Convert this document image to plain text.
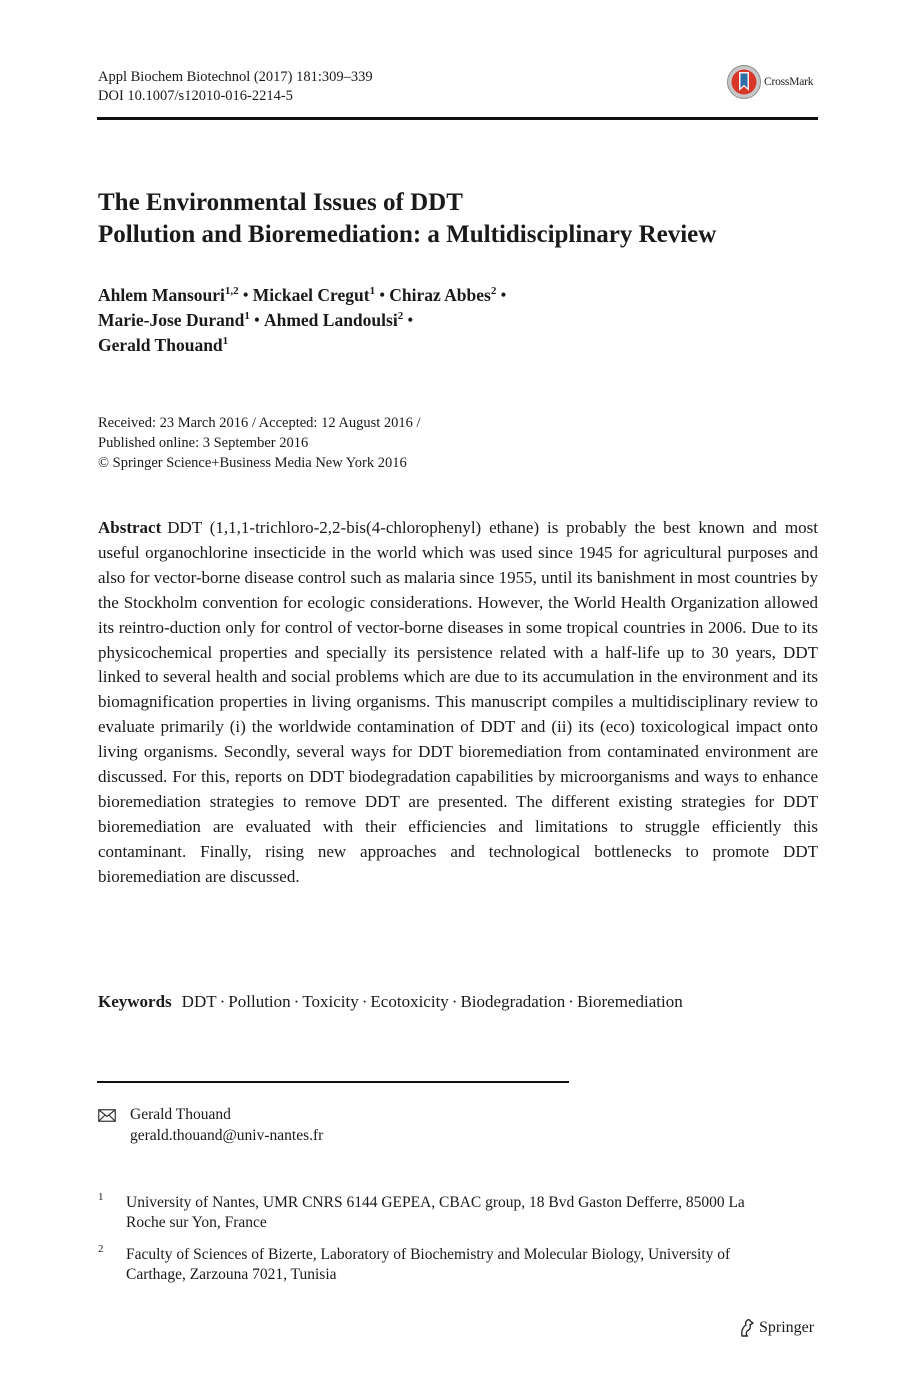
Appl Biochem Biotechnol (2017) 181:309–339
DOI 10.1007/s12010-016-2214-5
CrossMark
The Environmental Issues of DDT
Pollution and Bioremediation: a Multidisciplinary Review
Ahlem Mansouri$^{1,2}$ • Mickael Cregut$^1$ • Chiraz Abbes$^2$ •
Marie-Jose Durand$^1$ • Ahmed Landoulsi$^2$ •
Gerald Thouand$^1$
Received: 23 March 2016 / Accepted: 12 August 2016 /
Published online: 3 September 2016
© Springer Science+Business Media New York 2016
Abstract DDT (1,1,1-trichloro-2,2-bis(4-chlorophenyl) ethane) is probably the best known and most useful organochlorine insecticide in the world which was used since 1945 for agricultural purposes and also for vector-borne disease control such as malaria since 1955, until its banishment in most countries by the Stockholm convention for ecologic considerations. However, the World Health Organization allowed its reintro-duction only for control of vector-borne diseases in some tropical countries in 2006. Due to its physicochemical properties and specially its persistence related with a half-life up to 30 years, DDT linked to several health and social problems which are due to its accumulation in the environment and its biomagnification properties in living organisms. This manuscript compiles a multidisciplinary review to evaluate primarily (i) the worldwide contamination of DDT and (ii) its (eco) toxicological impact onto living organisms. Secondly, several ways for DDT bioremediation from contaminated environment are discussed. For this, reports on DDT biodegradation capabilities by microorganisms and ways to enhance bioremediation strategies to remove DDT are presented. The different existing strategies for DDT bioremediation are evaluated with their efficiencies and limitations to struggle efficiently this contaminant. Finally, rising new approaches and technological bottlenecks to promote DDT bioremediation are discussed.
Keywords DDT · Pollution · Toxicity · Ecotoxicity · Biodegradation · Bioremediation
Gerald Thouand
gerald.thouand@univ-nantes.fr
1 University of Nantes, UMR CNRS 6144 GEPEA, CBAC group, 18 Bvd Gaston Defferre, 85000 La
Roche sur Yon, France
2 Faculty of Sciences of Bizerte, Laboratory of Biochemistry and Molecular Biology, University of
Carthage, Zarzouna 7021, Tunisia
Springer
